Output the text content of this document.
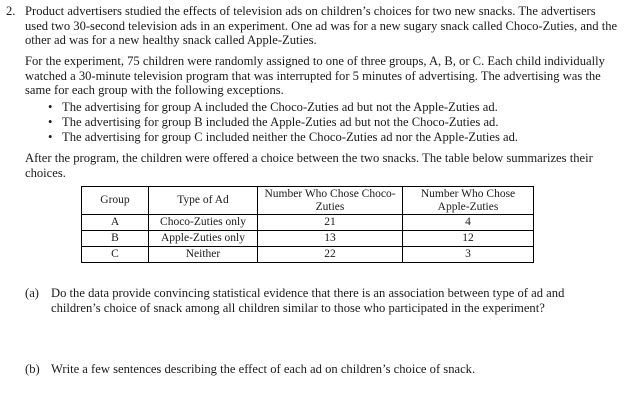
2. Product advertisers studied the effects of television ads on children’s choices for two new snacks. The advertisers used two 30-second television ads in an experiment. One ad was for a new sugary snack called Choco-Zuties, and the other ad was for a new healthy snack called Apple-Zuties.
For the experiment, 75 children were randomly assigned to one of three groups, A, B, or C. Each child individually watched a 30-minute television program that was interrupted for 5 minutes of advertising. The advertising was the same for each group with the following exceptions.
• The advertising for group A included the Choco-Zuties ad but not the Apple-Zuties ad.
• The advertising for group B included the Apple-Zuties ad but not the Choco-Zuties ad.
• The advertising for group C included neither the Choco-Zuties ad nor the Apple-Zuties ad.
After the program, the children were offered a choice between the two snacks. The table below summarizes their choices.
Group	Type of Ad	Number Who Chose Choco-Zuties	Number Who Chose Apple-Zuties
A	Choco-Zuties only	21	4
B	Apple-Zuties only	13	12
C	Neither	22	3
(a) Do the data provide convincing statistical evidence that there is an association between type of ad and children’s choice of snack among all children similar to those who participated in the experiment?
(b) Write a few sentences describing the effect of each ad on children’s choice of snack.
